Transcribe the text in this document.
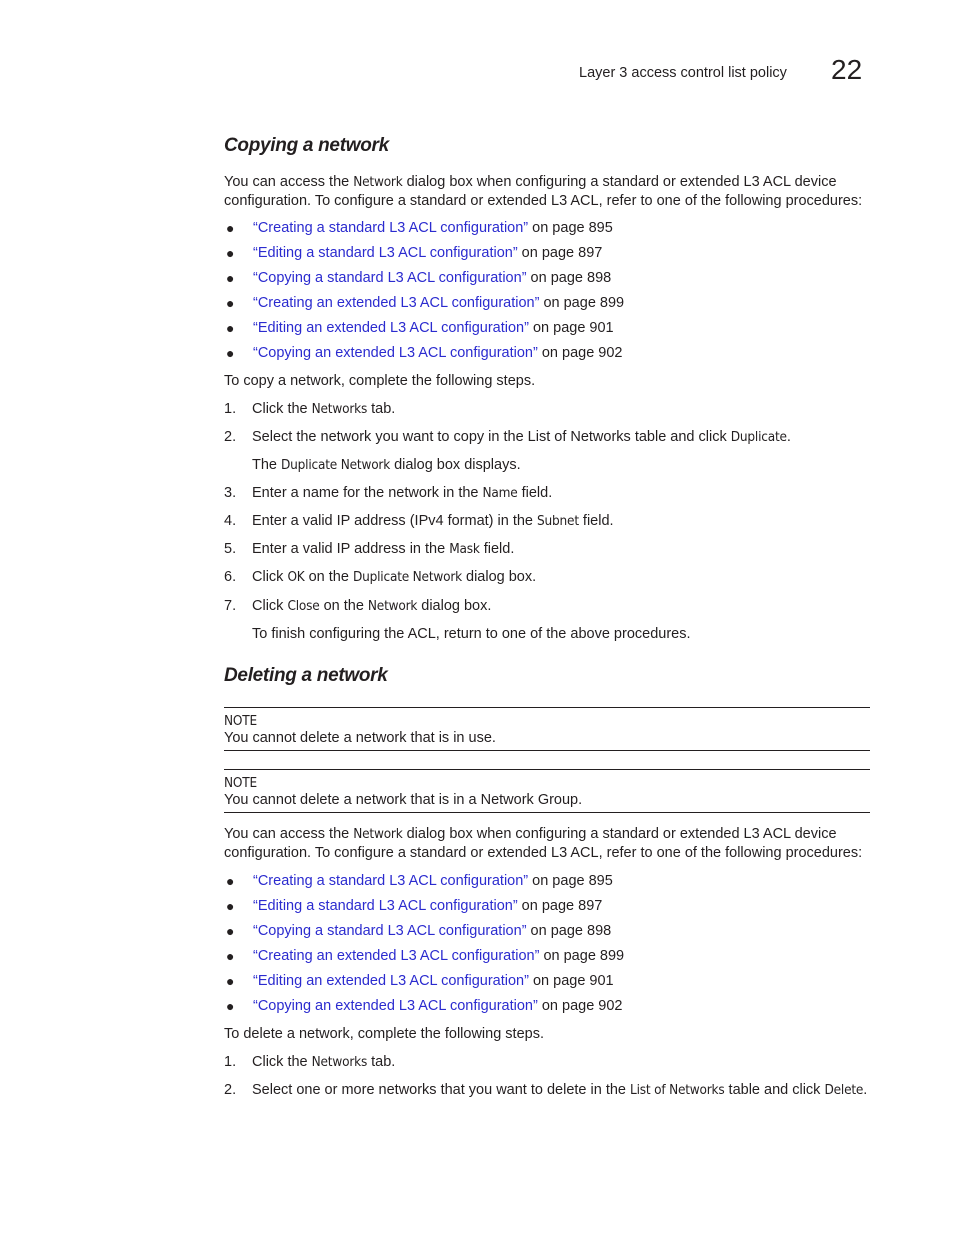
Layer 3 access control list policy 22
Copying a network

You can access the Network dialog box when configuring a standard or extended L3 ACL device configuration. To configure a standard or extended L3 ACL, refer to one of the following procedures:

● “Creating a standard L3 ACL configuration” on page 895
● “Editing a standard L3 ACL configuration” on page 897
● “Copying a standard L3 ACL configuration” on page 898
● “Creating an extended L3 ACL configuration” on page 899
● “Editing an extended L3 ACL configuration” on page 901
● “Copying an extended L3 ACL configuration” on page 902

To copy a network, complete the following steps.

1. Click the Networks tab.
2. Select the network you want to copy in the List of Networks table and click Duplicate.
The Duplicate Network dialog box displays.
3. Enter a name for the network in the Name field.
4. Enter a valid IP address (IPv4 format) in the Subnet field.
5. Enter a valid IP address in the Mask field.
6. Click OK on the Duplicate Network dialog box.
7. Click Close on the Network dialog box.
To finish configuring the ACL, return to one of the above procedures.
Deleting a network
NOTE
You cannot delete a network that is in use.
NOTE
You cannot delete a network that is in a Network Group.

You can access the Network dialog box when configuring a standard or extended L3 ACL device configuration. To configure a standard or extended L3 ACL, refer to one of the following procedures:

● “Creating a standard L3 ACL configuration” on page 895
● “Editing a standard L3 ACL configuration” on page 897
● “Copying a standard L3 ACL configuration” on page 898
● “Creating an extended L3 ACL configuration” on page 899
● “Editing an extended L3 ACL configuration” on page 901
● “Copying an extended L3 ACL configuration” on page 902

To delete a network, complete the following steps.

1. Click the Networks tab.
2. Select one or more networks that you want to delete in the List of Networks table and click Delete.
